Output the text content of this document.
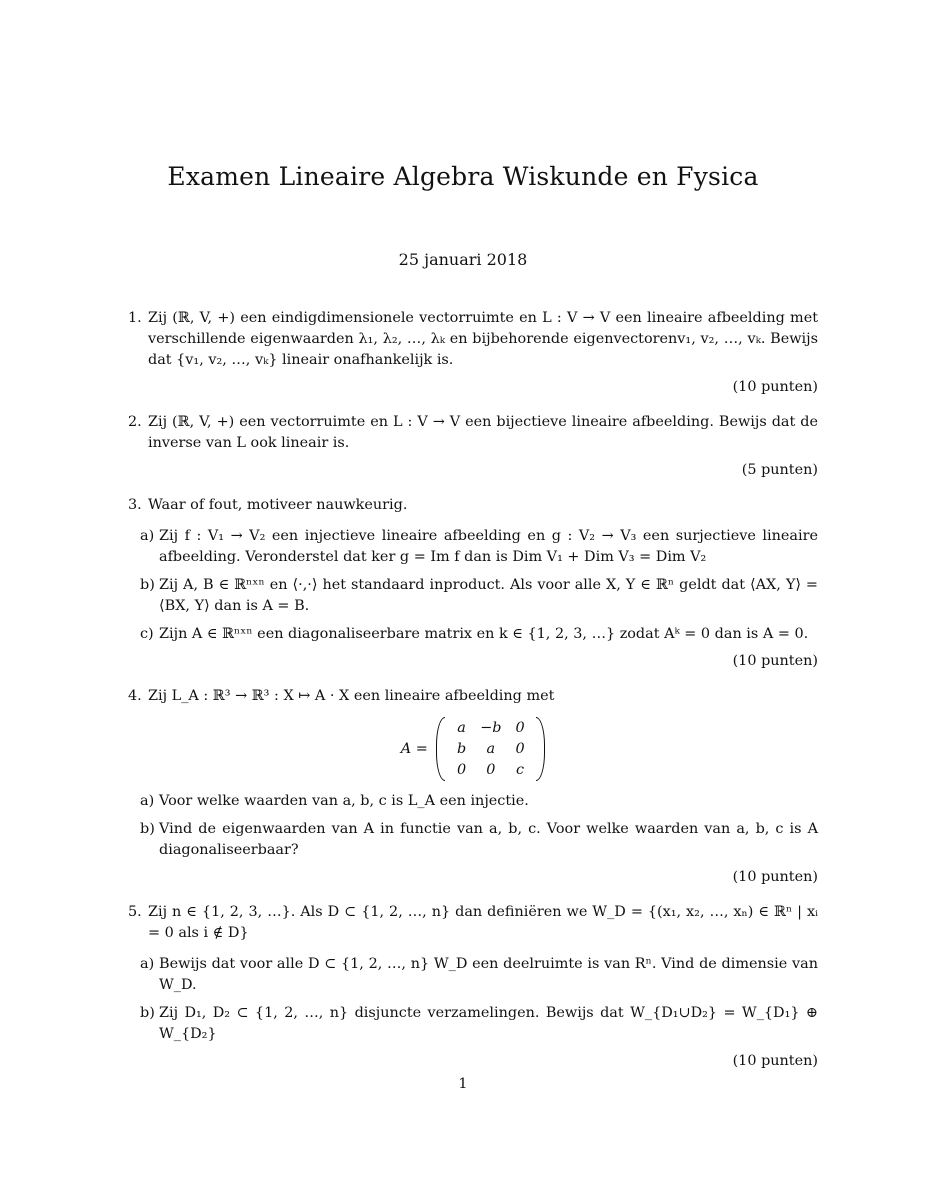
Examen Lineaire Algebra Wiskunde en Fysica
25 januari 2018
1. Zij (ℝ, V, +) een eindigdimensionele vectorruimte en L : V → V een lineaire afbeelding met verschillende eigenwaarden λ₁, λ₂, …, λₖ en bijbehorende eigenvectorenv₁, v₂, …, vₖ. Bewijs dat {v₁, v₂, …, vₖ} lineair onafhankelijk is.
(10 punten)
2. Zij (ℝ, V, +) een vectorruimte en L : V → V een bijectieve lineaire afbeelding. Bewijs dat de inverse van L ook lineair is.
(5 punten)
3. Waar of fout, motiveer nauwkeurig.
a) Zij f : V₁ → V₂ een injectieve lineaire afbeelding en g : V₂ → V₃ een surjectieve lineaire afbeelding. Veronderstel dat ker g = Im f dan is Dim V₁ + Dim V₃ = Dim V₂
b) Zij A, B ∈ ℝⁿˣⁿ en ⟨·,·⟩ het standaard inproduct. Als voor alle X, Y ∈ ℝⁿ geldt dat ⟨AX, Y⟩ = ⟨BX, Y⟩ dan is A = B.
c) Zijn A ∈ ℝⁿˣⁿ een diagonaliseerbare matrix en k ∈ {1, 2, 3, …} zodat Aᵏ = 0 dan is A = 0.
(10 punten)
4. Zij L_A : ℝ³ → ℝ³ : X ↦ A · X een lineaire afbeelding met
A =  a	−b	0
b	a	0
0	0	c
a) Voor welke waarden van a, b, c is L_A een injectie.
b) Vind de eigenwaarden van A in functie van a, b, c. Voor welke waarden van a, b, c is A diagonaliseerbaar?
(10 punten)
5. Zij n ∈ {1, 2, 3, …}. Als D ⊂ {1, 2, …, n} dan definiëren we W_D = {(x₁, x₂, …, xₙ) ∈ ℝⁿ | xᵢ = 0 als i ∉ D}
a) Bewijs dat voor alle D ⊂ {1, 2, …, n} W_D een deelruimte is van Rⁿ. Vind de dimensie van W_D.
b) Zij D₁, D₂ ⊂ {1, 2, …, n} disjuncte verzamelingen. Bewijs dat W_{D₁∪D₂} = W_{D₁} ⊕ W_{D₂}
(10 punten)
1
